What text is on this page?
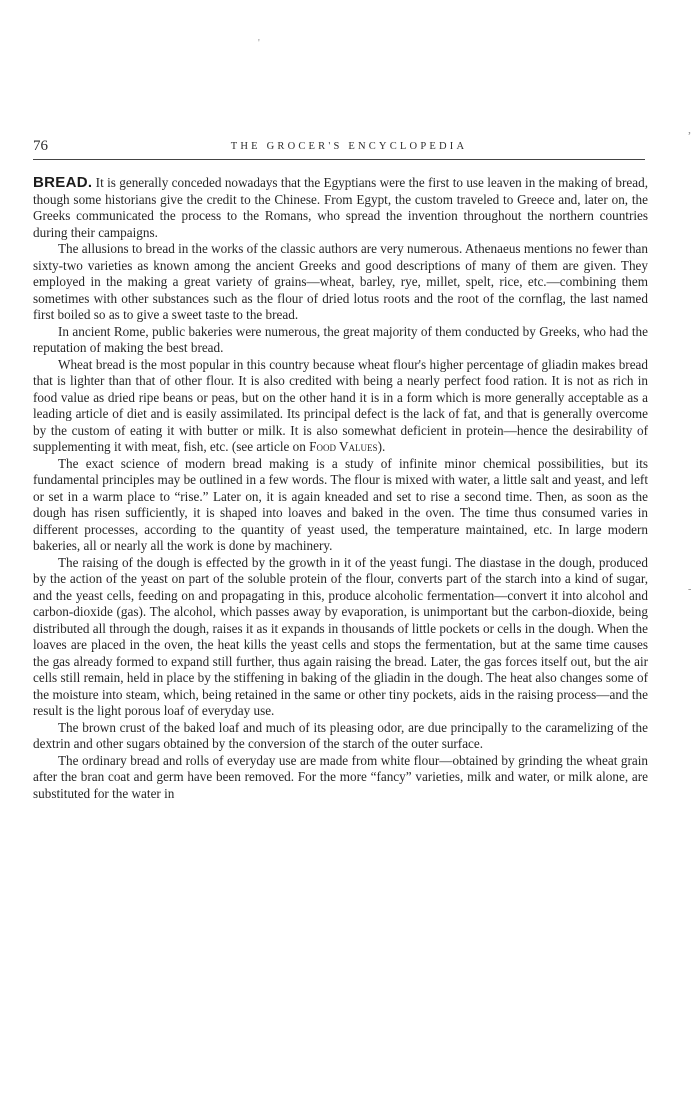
76	THE GROCER'S ENCYCLOPEDIA

BREAD. It is generally conceded nowadays that the Egyptians were the first to use leaven in the making of bread, though some historians give the credit to the Chinese. From Egypt, the custom traveled to Greece and, later on, the Greeks communicated the process to the Romans, who spread the invention throughout the northern countries during their campaigns.

The allusions to bread in the works of the classic authors are very numerous. Athenaeus mentions no fewer than sixty-two varieties as known among the ancient Greeks and good descriptions of many of them are given. They employed in the making a great variety of grains—wheat, barley, rye, millet, spelt, rice, etc.—combining them sometimes with other substances such as the flour of dried lotus roots and the root of the cornflag, the last named first boiled so as to give a sweet taste to the bread.

In ancient Rome, public bakeries were numerous, the great majority of them conducted by Greeks, who had the reputation of making the best bread.

Wheat bread is the most popular in this country because wheat flour's higher percentage of gliadin makes bread that is lighter than that of other flour. It is also credited with being a nearly perfect food ration. It is not as rich in food value as dried ripe beans or peas, but on the other hand it is in a form which is more generally acceptable as a leading article of diet and is easily assimilated. Its principal defect is the lack of fat, and that is generally overcome by the custom of eating it with butter or milk. It is also somewhat deficient in protein—hence the desirability of supplementing it with meat, fish, etc. (see article on Food Values).

The exact science of modern bread making is a study of infinite minor chemical possibilities, but its fundamental principles may be outlined in a few words. The flour is mixed with water, a little salt and yeast, and left or set in a warm place to “rise.” Later on, it is again kneaded and set to rise a second time. Then, as soon as the dough has risen sufficiently, it is shaped into loaves and baked in the oven. The time thus consumed varies in different processes, according to the quantity of yeast used, the temperature maintained, etc. In large modern bakeries, all or nearly all the work is done by machinery.

The raising of the dough is effected by the growth in it of the yeast fungi. The diastase in the dough, produced by the action of the yeast on part of the soluble protein of the flour, converts part of the starch into a kind of sugar, and the yeast cells, feeding on and propagating in this, produce alcoholic fermentation—convert it into alcohol and carbon-dioxide (gas). The alcohol, which passes away by evaporation, is unimportant but the carbon-dioxide, being distributed all through the dough, raises it as it expands in thousands of little pockets or cells in the dough. When the loaves are placed in the oven, the heat kills the yeast cells and stops the fermentation, but at the same time causes the gas already formed to expand still further, thus again raising the bread. Later, the gas forces itself out, but the air cells still remain, held in place by the stiffening in baking of the gliadin in the dough. The heat also changes some of the moisture into steam, which, being retained in the same or other tiny pockets, aids in the raising process—and the result is the light porous loaf of everyday use.

The brown crust of the baked loaf and much of its pleasing odor, are due principally to the caramelizing of the dextrin and other sugars obtained by the conversion of the starch of the outer surface.

The ordinary bread and rolls of everyday use are made from white flour—obtained by grinding the wheat grain after the bran coat and germ have been removed. For the more “fancy” varieties, milk and water, or milk alone, are substituted for the water in

'
,
-
